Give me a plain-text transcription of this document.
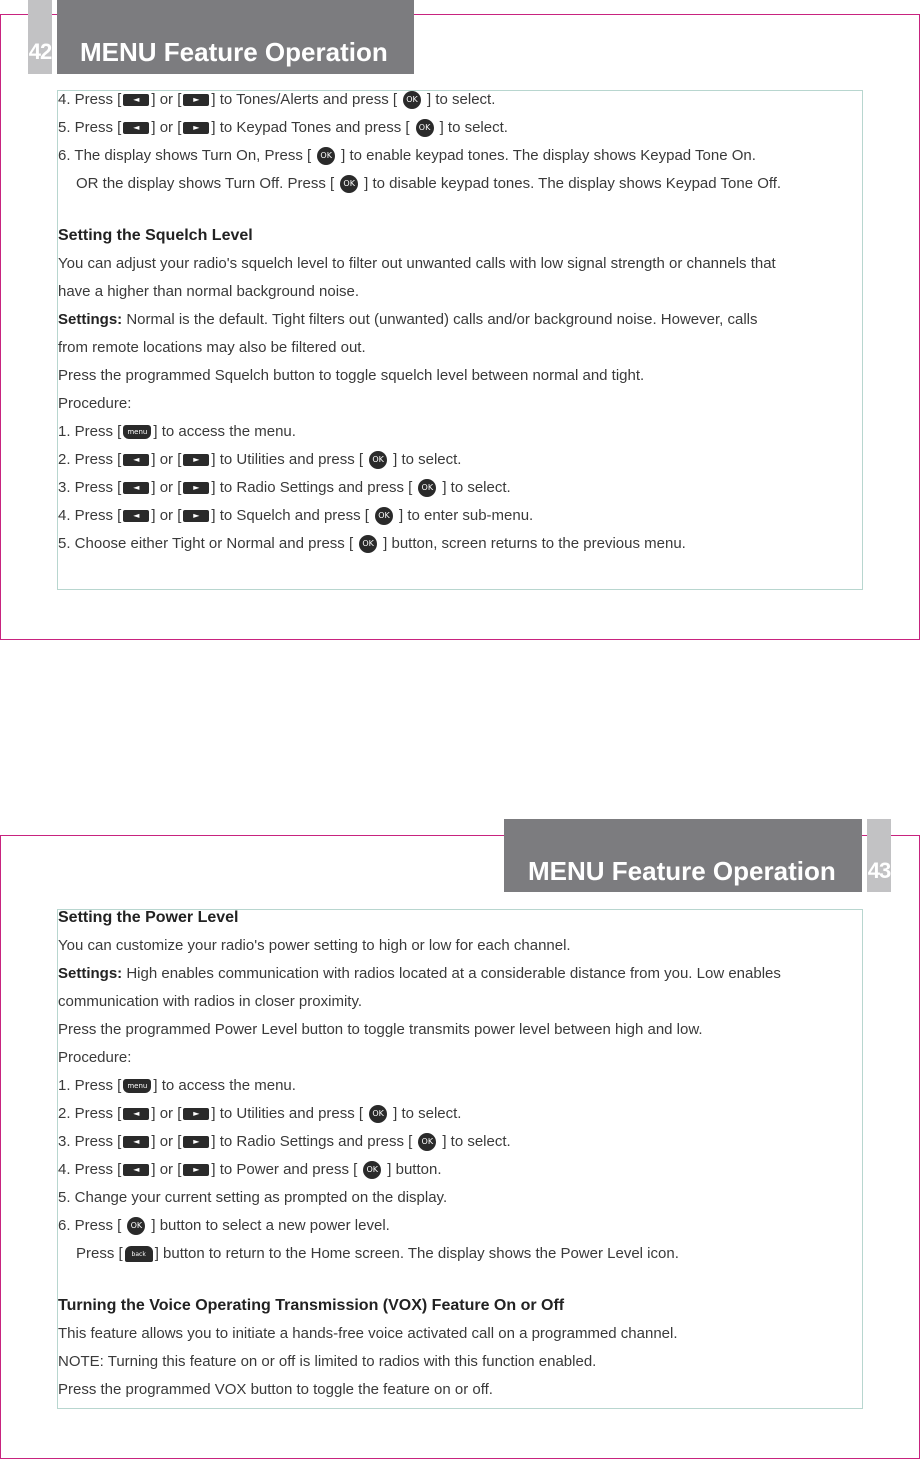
42	MENU Feature Operation
4. Press [ ◄ ] or [ ► ] to Tones/Alerts and press [ OK ] to select.
5. Press [ ◄ ] or [ ► ] to Keypad Tones and press [ OK ] to select.
6. The display shows Turn On, Press [ OK ] to enable keypad tones. The display shows Keypad Tone On.
OR the display shows Turn Off. Press [ OK ] to disable keypad tones. The display shows Keypad Tone Off.
Setting the Squelch Level
You can adjust your radio's squelch level to filter out unwanted calls with low signal strength or channels that
have a higher than normal background noise.
Settings: Normal is the default. Tight filters out (unwanted) calls and/or background noise. However, calls
from remote locations may also be filtered out.
Press the programmed Squelch button to toggle squelch level between normal and tight.
Procedure:
1. Press [ menu ] to access the menu.
2. Press [ ◄ ] or [ ► ] to Utilities and press [ OK ] to select.
3. Press [ ◄ ] or [ ► ] to Radio Settings and press [ OK ] to select.
4. Press [ ◄ ] or [ ► ] to Squelch and press [ OK ] to enter sub-menu.
5. Choose either Tight or Normal and press [ OK ] button, screen returns to the previous menu.
MENU Feature Operation	43
Setting the Power Level
You can customize your radio's power setting to high or low for each channel.
Settings: High enables communication with radios located at a considerable distance from you. Low enables
communication with radios in closer proximity.
Press the programmed Power Level button to toggle transmits power level between high and low.
Procedure:
1. Press [ menu ] to access the menu.
2. Press [ ◄ ] or [ ► ] to Utilities and press [ OK ] to select.
3. Press [ ◄ ] or [ ► ] to Radio Settings and press [ OK ] to select.
4. Press [ ◄ ] or [ ► ] to Power and press [ OK ] button.
5. Change your current setting as prompted on the display.
6. Press [ OK ] button to select a new power level.
Press [ back ] button to return to the Home screen. The display shows the Power Level icon.
Turning the Voice Operating Transmission (VOX) Feature On or Off
This feature allows you to initiate a hands-free voice activated call on a programmed channel.
NOTE: Turning this feature on or off is limited to radios with this function enabled.
Press the programmed VOX button to toggle the feature on or off.
